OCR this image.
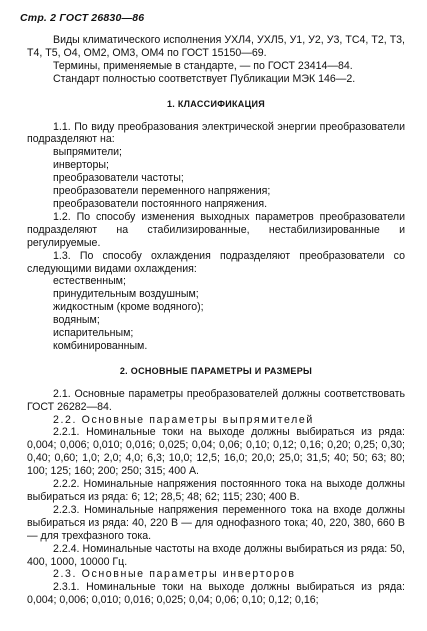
Стр. 2 ГОСТ 26830—86

Виды климатического исполнения УХЛ4, УХЛ5, У1, У2, У3, ТС4, Т2, Т3, Т4, Т5, О4, ОМ2, ОМ3, ОМ4 по ГОСТ 15150—69.

Термины, применяемые в стандарте, — по ГОСТ 23414—84.

Стандарт полностью соответствует Публикации МЭК 146—2.

1. КЛАССИФИКАЦИЯ

1.1. По виду преобразования электрической энергии преобразователи подразделяют на:

выпрямители;

инверторы;

преобразователи частоты;

преобразователи переменного напряжения;

преобразователи постоянного напряжения.

1.2. По способу изменения выходных параметров преобразователи подразделяют на стабилизированные, нестабилизированные и регулируемые.

1.3. По способу охлаждения подразделяют преобразователи со следующими видами охлаждения:

естественным;

принудительным воздушным;

жидкостным (кроме водяного);

водяным;

испарительным;

комбинированным.

2. ОСНОВНЫЕ ПАРАМЕТРЫ И РАЗМЕРЫ

2.1. Основные параметры преобразователей должны соответствовать ГОСТ 26282—84.

2.2. Основные параметры выпрямителей

2.2.1. Номинальные токи на выходе должны выбираться из ряда: 0,004; 0,006; 0,010; 0,016; 0,025; 0,04; 0,06; 0,10; 0,12; 0,16; 0,20; 0,25; 0,30; 0,40; 0,60; 1,0; 2,0; 4,0; 6,3; 10,0; 12,5; 16,0; 20,0; 25,0; 31,5; 40; 50; 63; 80; 100; 125; 160; 200; 250; 315; 400 А.

2.2.2. Номинальные напряжения постоянного тока на выходе должны выбираться из ряда: 6; 12; 28,5; 48; 62; 115; 230; 400 В.

2.2.3. Номинальные напряжения переменного тока на входе должны выбираться из ряда: 40, 220 В — для однофазного тока; 40, 220, 380, 660 В — для трехфазного тока.

2.2.4. Номинальные частоты на входе должны выбираться из ряда: 50, 400, 1000, 10000 Гц.

2.3. Основные параметры инверторов

2.3.1. Номинальные токи на выходе должны выбираться из ряда: 0,004; 0,006; 0,010; 0,016; 0,025; 0,04; 0,06; 0,10; 0,12; 0,16;
